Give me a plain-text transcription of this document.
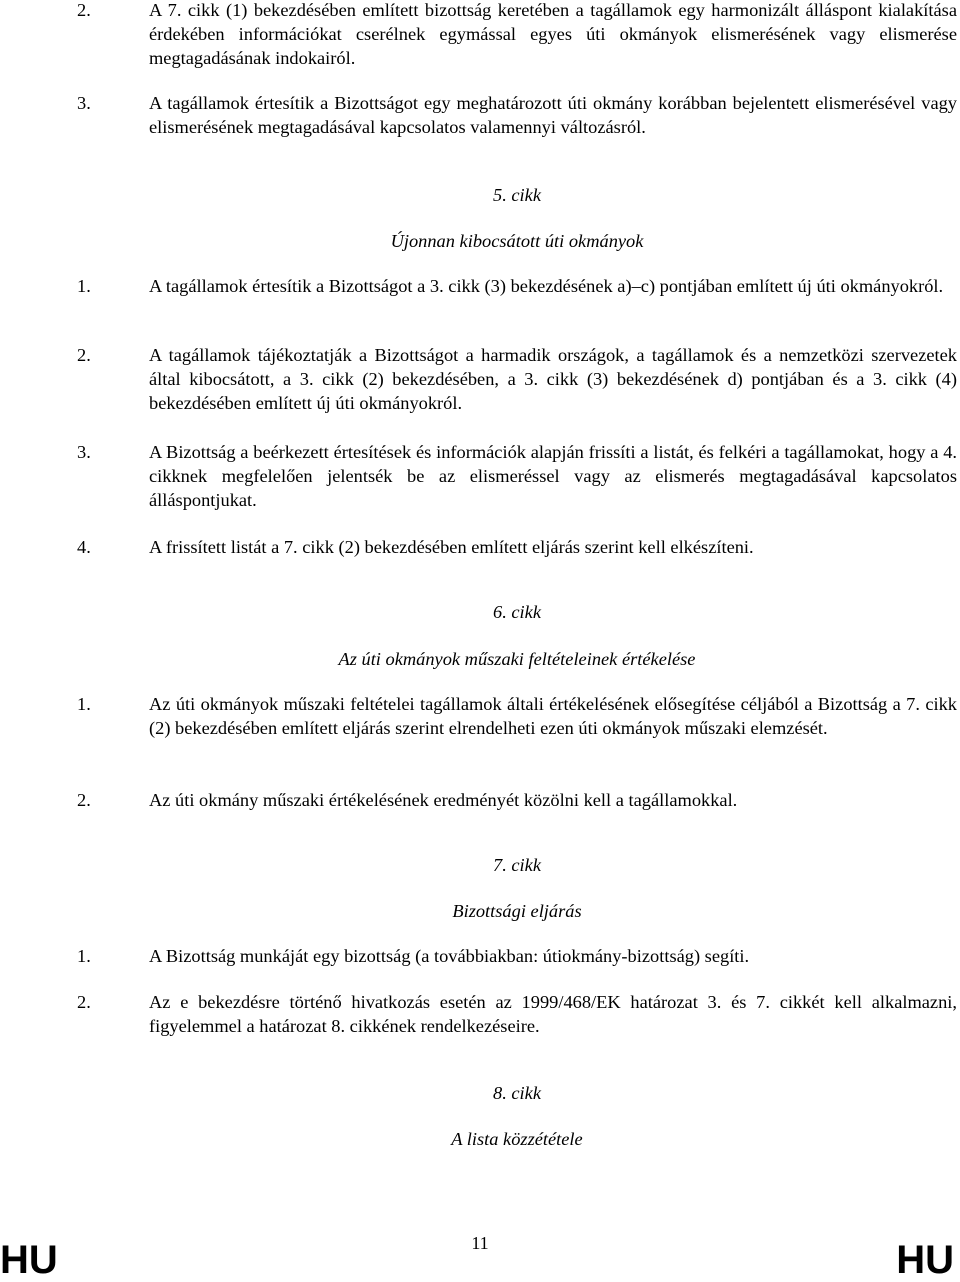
2.	A 7. cikk (1) bekezdésében említett bizottság keretében a tagállamok egy harmonizált álláspont kialakítása érdekében információkat cserélnek egymással egyes úti okmányok elismerésének vagy elismerése megtagadásának indokairól.
3.	A tagállamok értesítik a Bizottságot egy meghatározott úti okmány korábban bejelentett elismerésével vagy elismerésének megtagadásával kapcsolatos valamennyi változásról.
5. cikk
Újonnan kibocsátott úti okmányok
1.	A tagállamok értesítik a Bizottságot a 3. cikk (3) bekezdésének a)–c) pontjában említett új úti okmányokról.
2.	A tagállamok tájékoztatják a Bizottságot a harmadik országok, a tagállamok és a nemzetközi szervezetek által kibocsátott, a 3. cikk (2) bekezdésében, a 3. cikk (3) bekezdésének d) pontjában és a 3. cikk (4) bekezdésében említett új úti okmányokról.
3.	A Bizottság a beérkezett értesítések és információk alapján frissíti a listát, és felkéri a tagállamokat, hogy a 4. cikknek megfelelően jelentsék be az elismeréssel vagy az elismerés megtagadásával kapcsolatos álláspontjukat.
4.	A frissített listát a 7. cikk (2) bekezdésében említett eljárás szerint kell elkészíteni.
6. cikk
Az úti okmányok műszaki feltételeinek értékelése
1.	Az úti okmányok műszaki feltételei tagállamok általi értékelésének elősegítése céljából a Bizottság a 7. cikk (2) bekezdésében említett eljárás szerint elrendelheti ezen úti okmányok műszaki elemzését.
2.	Az úti okmány műszaki értékelésének eredményét közölni kell a tagállamokkal.
7. cikk
Bizottsági eljárás
1.	A Bizottság munkáját egy bizottság (a továbbiakban: útiokmány-bizottság) segíti.
2.	Az e bekezdésre történő hivatkozás esetén az 1999/468/EK határozat 3. és 7. cikkét kell alkalmazni, figyelemmel a határozat 8. cikkének rendelkezéseire.
8. cikk
A lista közzététele
HU	11	HU
